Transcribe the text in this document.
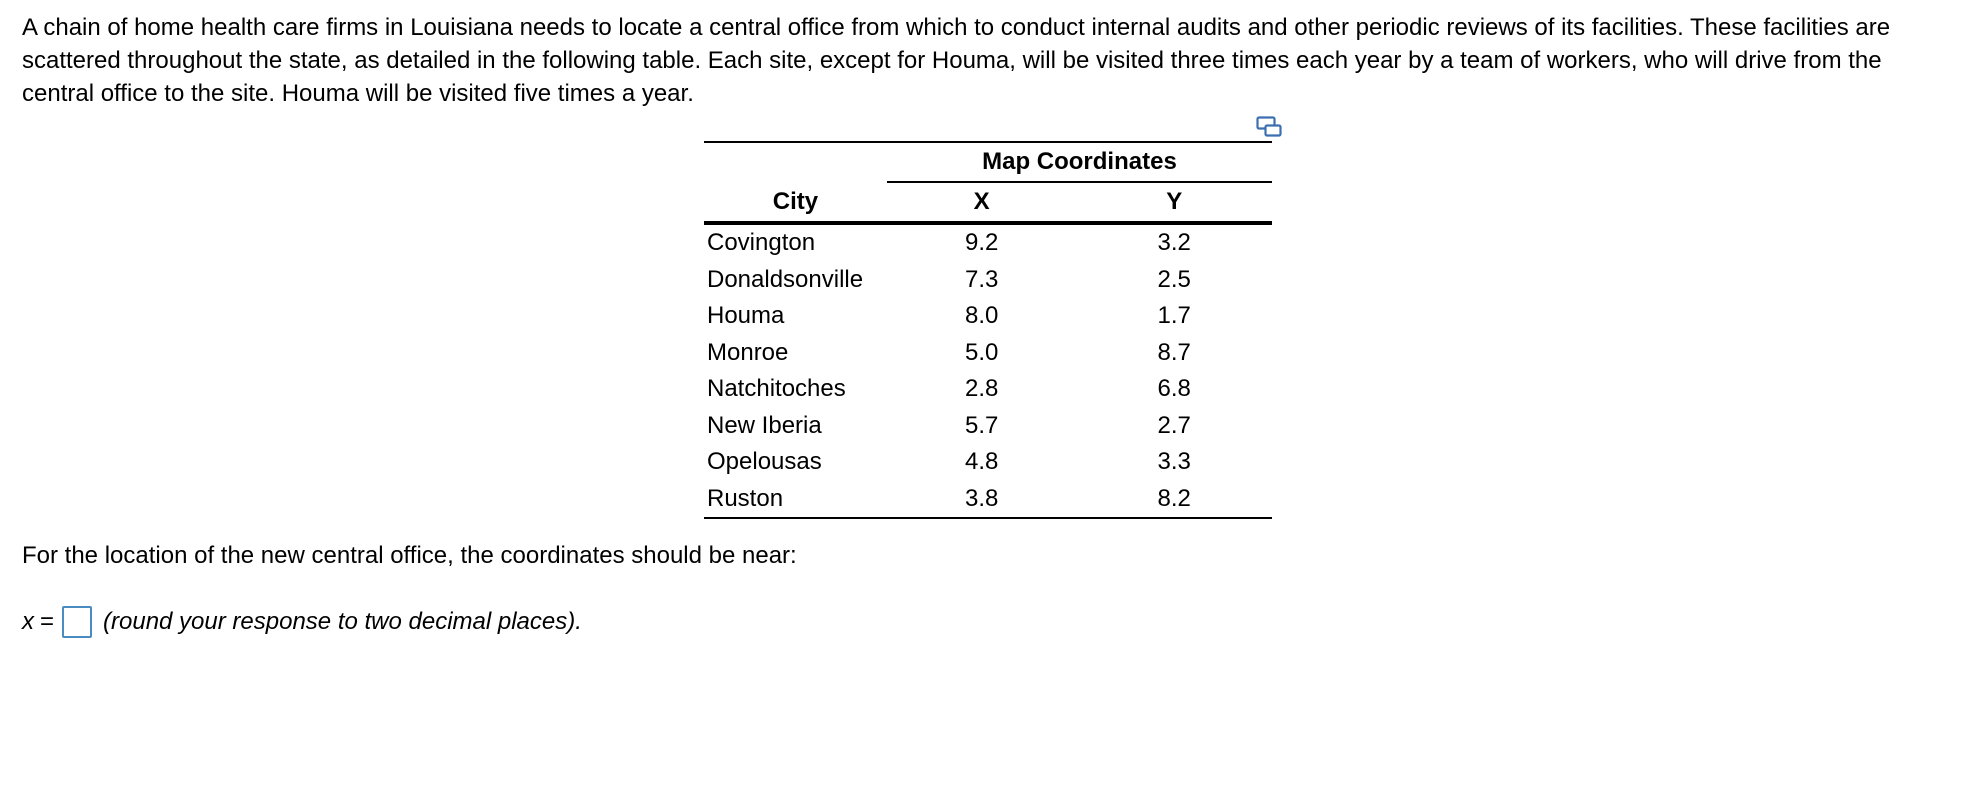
A chain of home health care firms in Louisiana needs to locate a central office from which to conduct internal audits and other periodic reviews of its facilities. These facilities are scattered throughout the state, as detailed in the following table. Each site, except for Houma, will be visited three times each year by a team of workers, who will drive from the central office to the site. Houma will be visited five times a year.

	Map Coordinates	
City	X	Y
Covington	9.2	3.2
Donaldsonville	7.3	2.5
Houma	8.0	1.7
Monroe	5.0	8.7
Natchitoches	2.8	6.8
New Iberia	5.7	2.7
Opelousas	4.8	3.3
Ruston	3.8	8.2

For the location of the new central office, the coordinates should be near:

x = (round your response to two decimal places).
